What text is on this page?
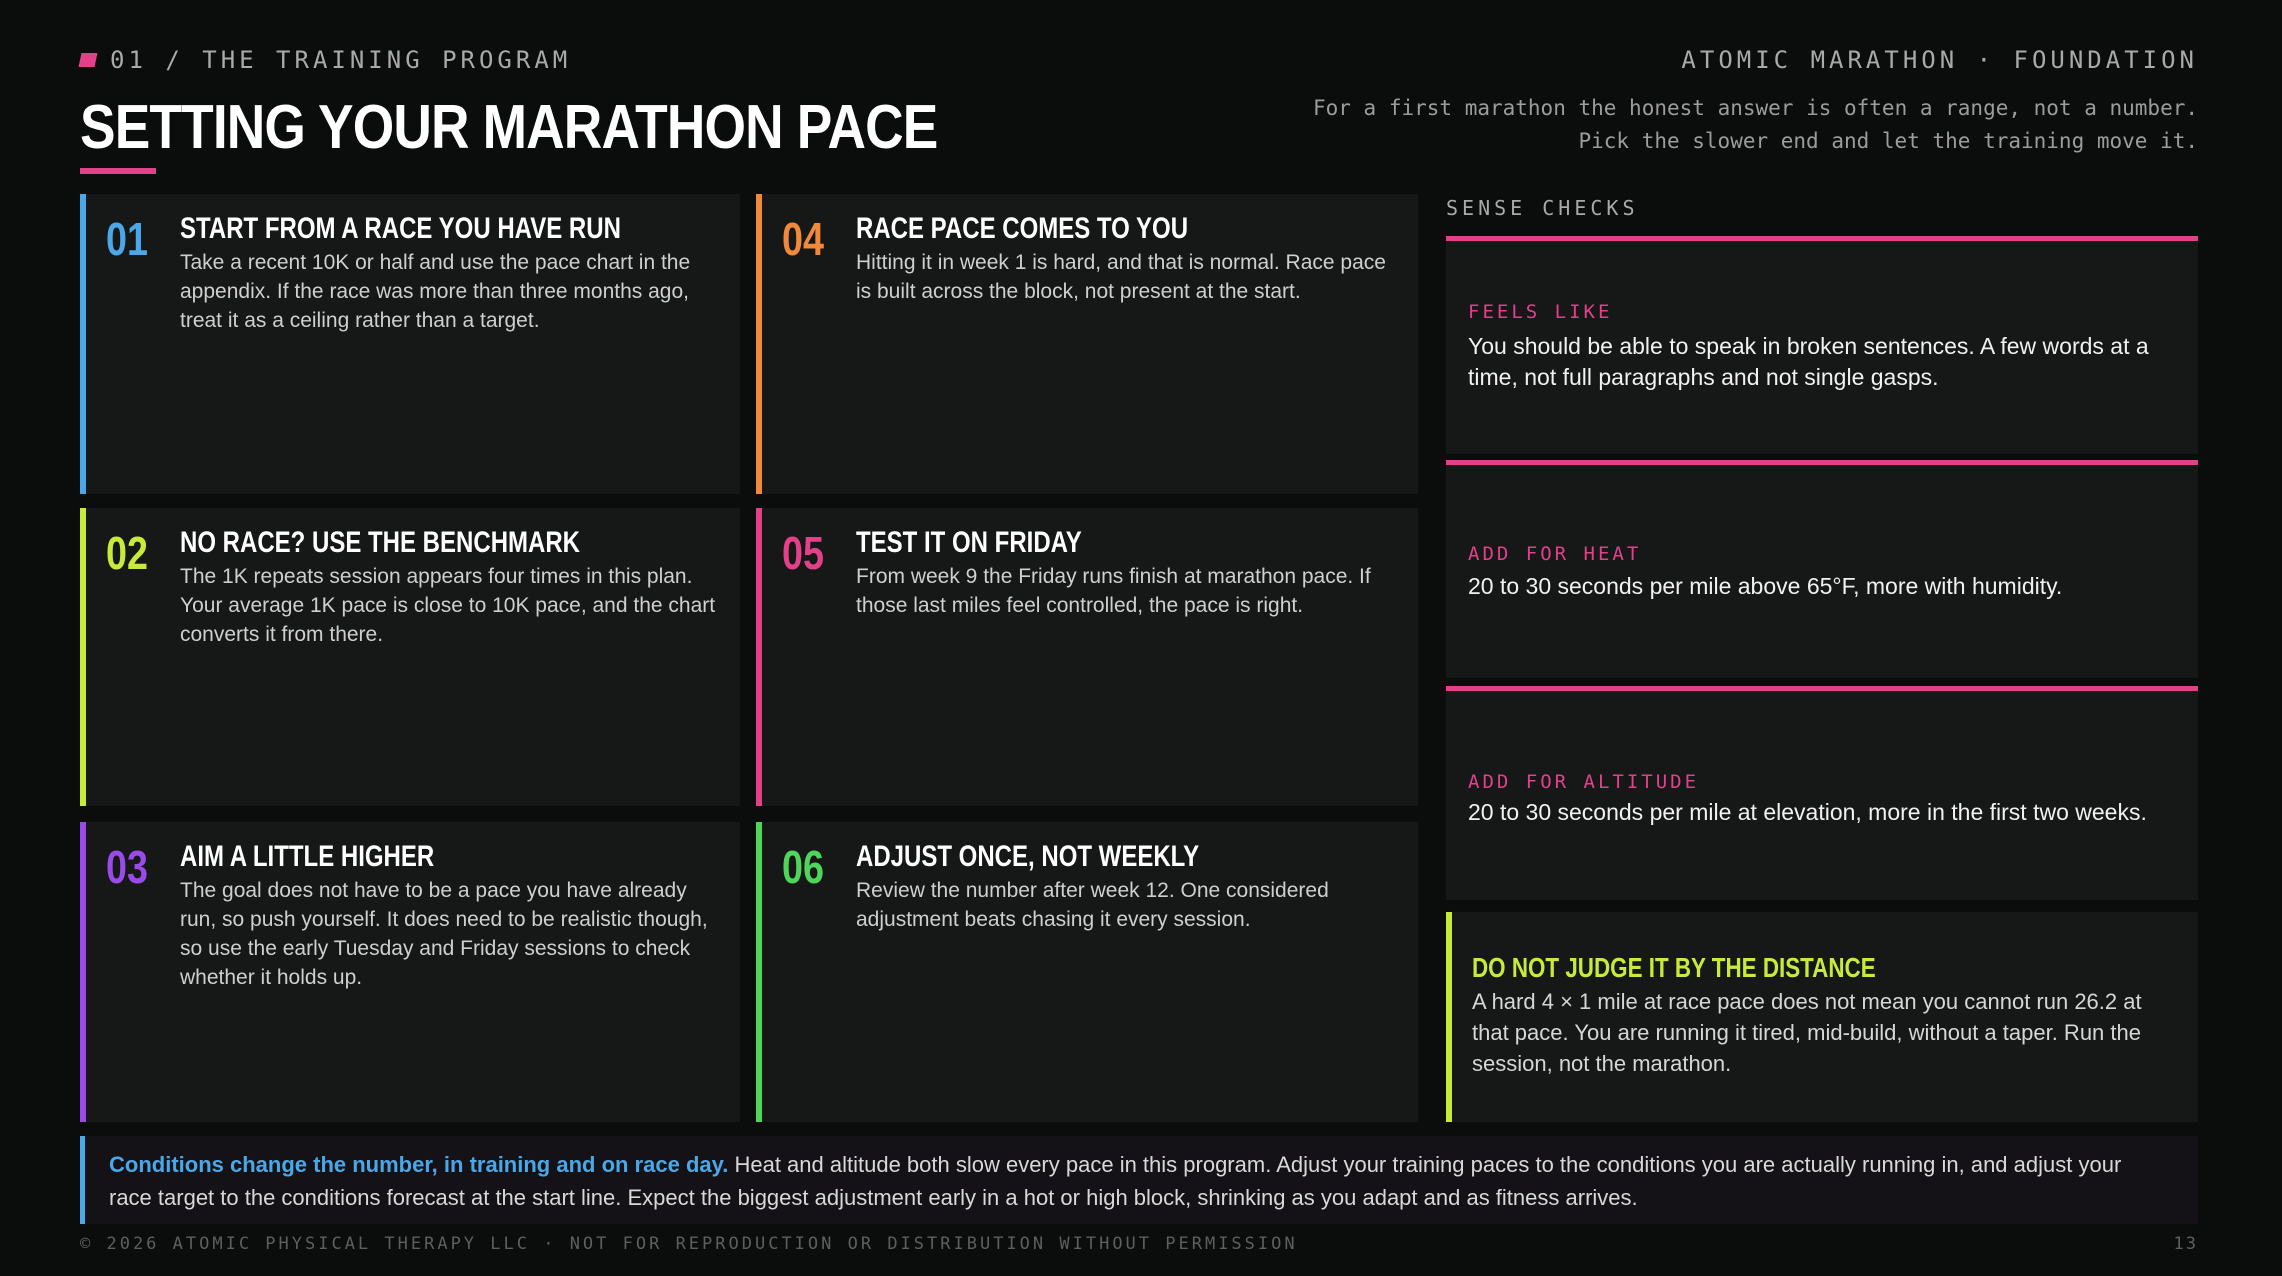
01 / THE TRAINING PROGRAM	ATOMIC MARATHON · FOUNDATION
SETTING YOUR MARATHON PACE	For a first marathon the honest answer is often a range, not a number.
Pick the slower end and let the training move it.
01 START FROM A RACE YOU HAVE RUN
Take a recent 10K or half and use the pace chart in the appendix. If the race was more than three months ago, treat it as a ceiling rather than a target.
02 NO RACE? USE THE BENCHMARK
The 1K repeats session appears four times in this plan. Your average 1K pace is close to 10K pace, and the chart converts it from there.
03 AIM A LITTLE HIGHER
The goal does not have to be a pace you have already run, so push yourself. It does need to be realistic though, so use the early Tuesday and Friday sessions to check whether it holds up.
04 RACE PACE COMES TO YOU
Hitting it in week 1 is hard, and that is normal. Race pace is built across the block, not present at the start.
05 TEST IT ON FRIDAY
From week 9 the Friday runs finish at marathon pace. If those last miles feel controlled, the pace is right.
06 ADJUST ONCE, NOT WEEKLY
Review the number after week 12. One considered adjustment beats chasing it every session.
SENSE CHECKS
FEELS LIKE
You should be able to speak in broken sentences. A few words at a time, not full paragraphs and not single gasps.
ADD FOR HEAT
20 to 30 seconds per mile above 65°F, more with humidity.
ADD FOR ALTITUDE
20 to 30 seconds per mile at elevation, more in the first two weeks.
DO NOT JUDGE IT BY THE DISTANCE
A hard 4 × 1 mile at race pace does not mean you cannot run 26.2 at that pace. You are running it tired, mid-build, without a taper. Run the session, not the marathon.

Conditions change the number, in training and on race day. Heat and altitude both slow every pace in this program. Adjust your training paces to the conditions you are actually running in, and adjust your race target to the conditions forecast at the start line. Expect the biggest adjustment early in a hot or high block, shrinking as you adapt and as fitness arrives.

© 2026 ATOMIC PHYSICAL THERAPY LLC · NOT FOR REPRODUCTION OR DISTRIBUTION WITHOUT PERMISSION	13
